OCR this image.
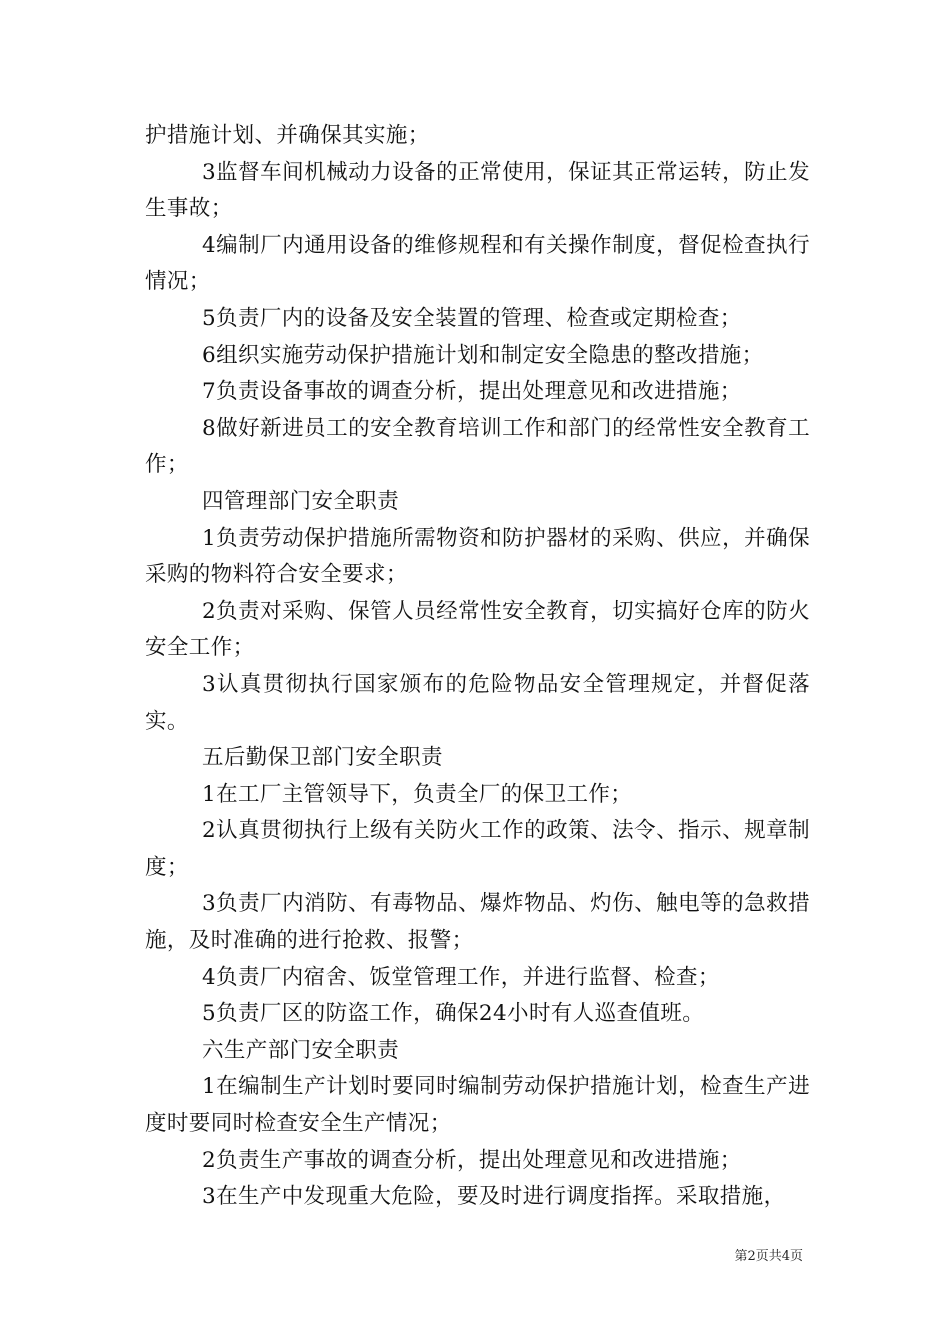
护措施计划、并确保其实施；

3监督车间机械动力设备的正常使用，保证其正常运转，防止发生事故；

4编制厂内通用设备的维修规程和有关操作制度，督促检查执行情况；

5负责厂内的设备及安全装置的管理、检查或定期检查；

6组织实施劳动保护措施计划和制定安全隐患的整改措施；

7负责设备事故的调查分析，提出处理意见和改进措施；

8做好新进员工的安全教育培训工作和部门的经常性安全教育工作；

四管理部门安全职责

1负责劳动保护措施所需物资和防护器材的采购、供应，并确保采购的物料符合安全要求；

2负责对采购、保管人员经常性安全教育，切实搞好仓库的防火安全工作；

3认真贯彻执行国家颁布的危险物品安全管理规定，并督促落实。

五后勤保卫部门安全职责

1在工厂主管领导下，负责全厂的保卫工作；

2认真贯彻执行上级有关防火工作的政策、法令、指示、规章制度；

3负责厂内消防、有毒物品、爆炸物品、灼伤、触电等的急救措施，及时准确的进行抢救、报警；

4负责厂内宿舍、饭堂管理工作，并进行监督、检查；

5负责厂区的防盗工作，确保24小时有人巡查值班。

六生产部门安全职责

1在编制生产计划时要同时编制劳动保护措施计划，检查生产进度时要同时检查安全生产情况；

2负责生产事故的调查分析，提出处理意见和改进措施；

3在生产中发现重大危险，要及时进行调度指挥。采取措施，

第2页共4页
